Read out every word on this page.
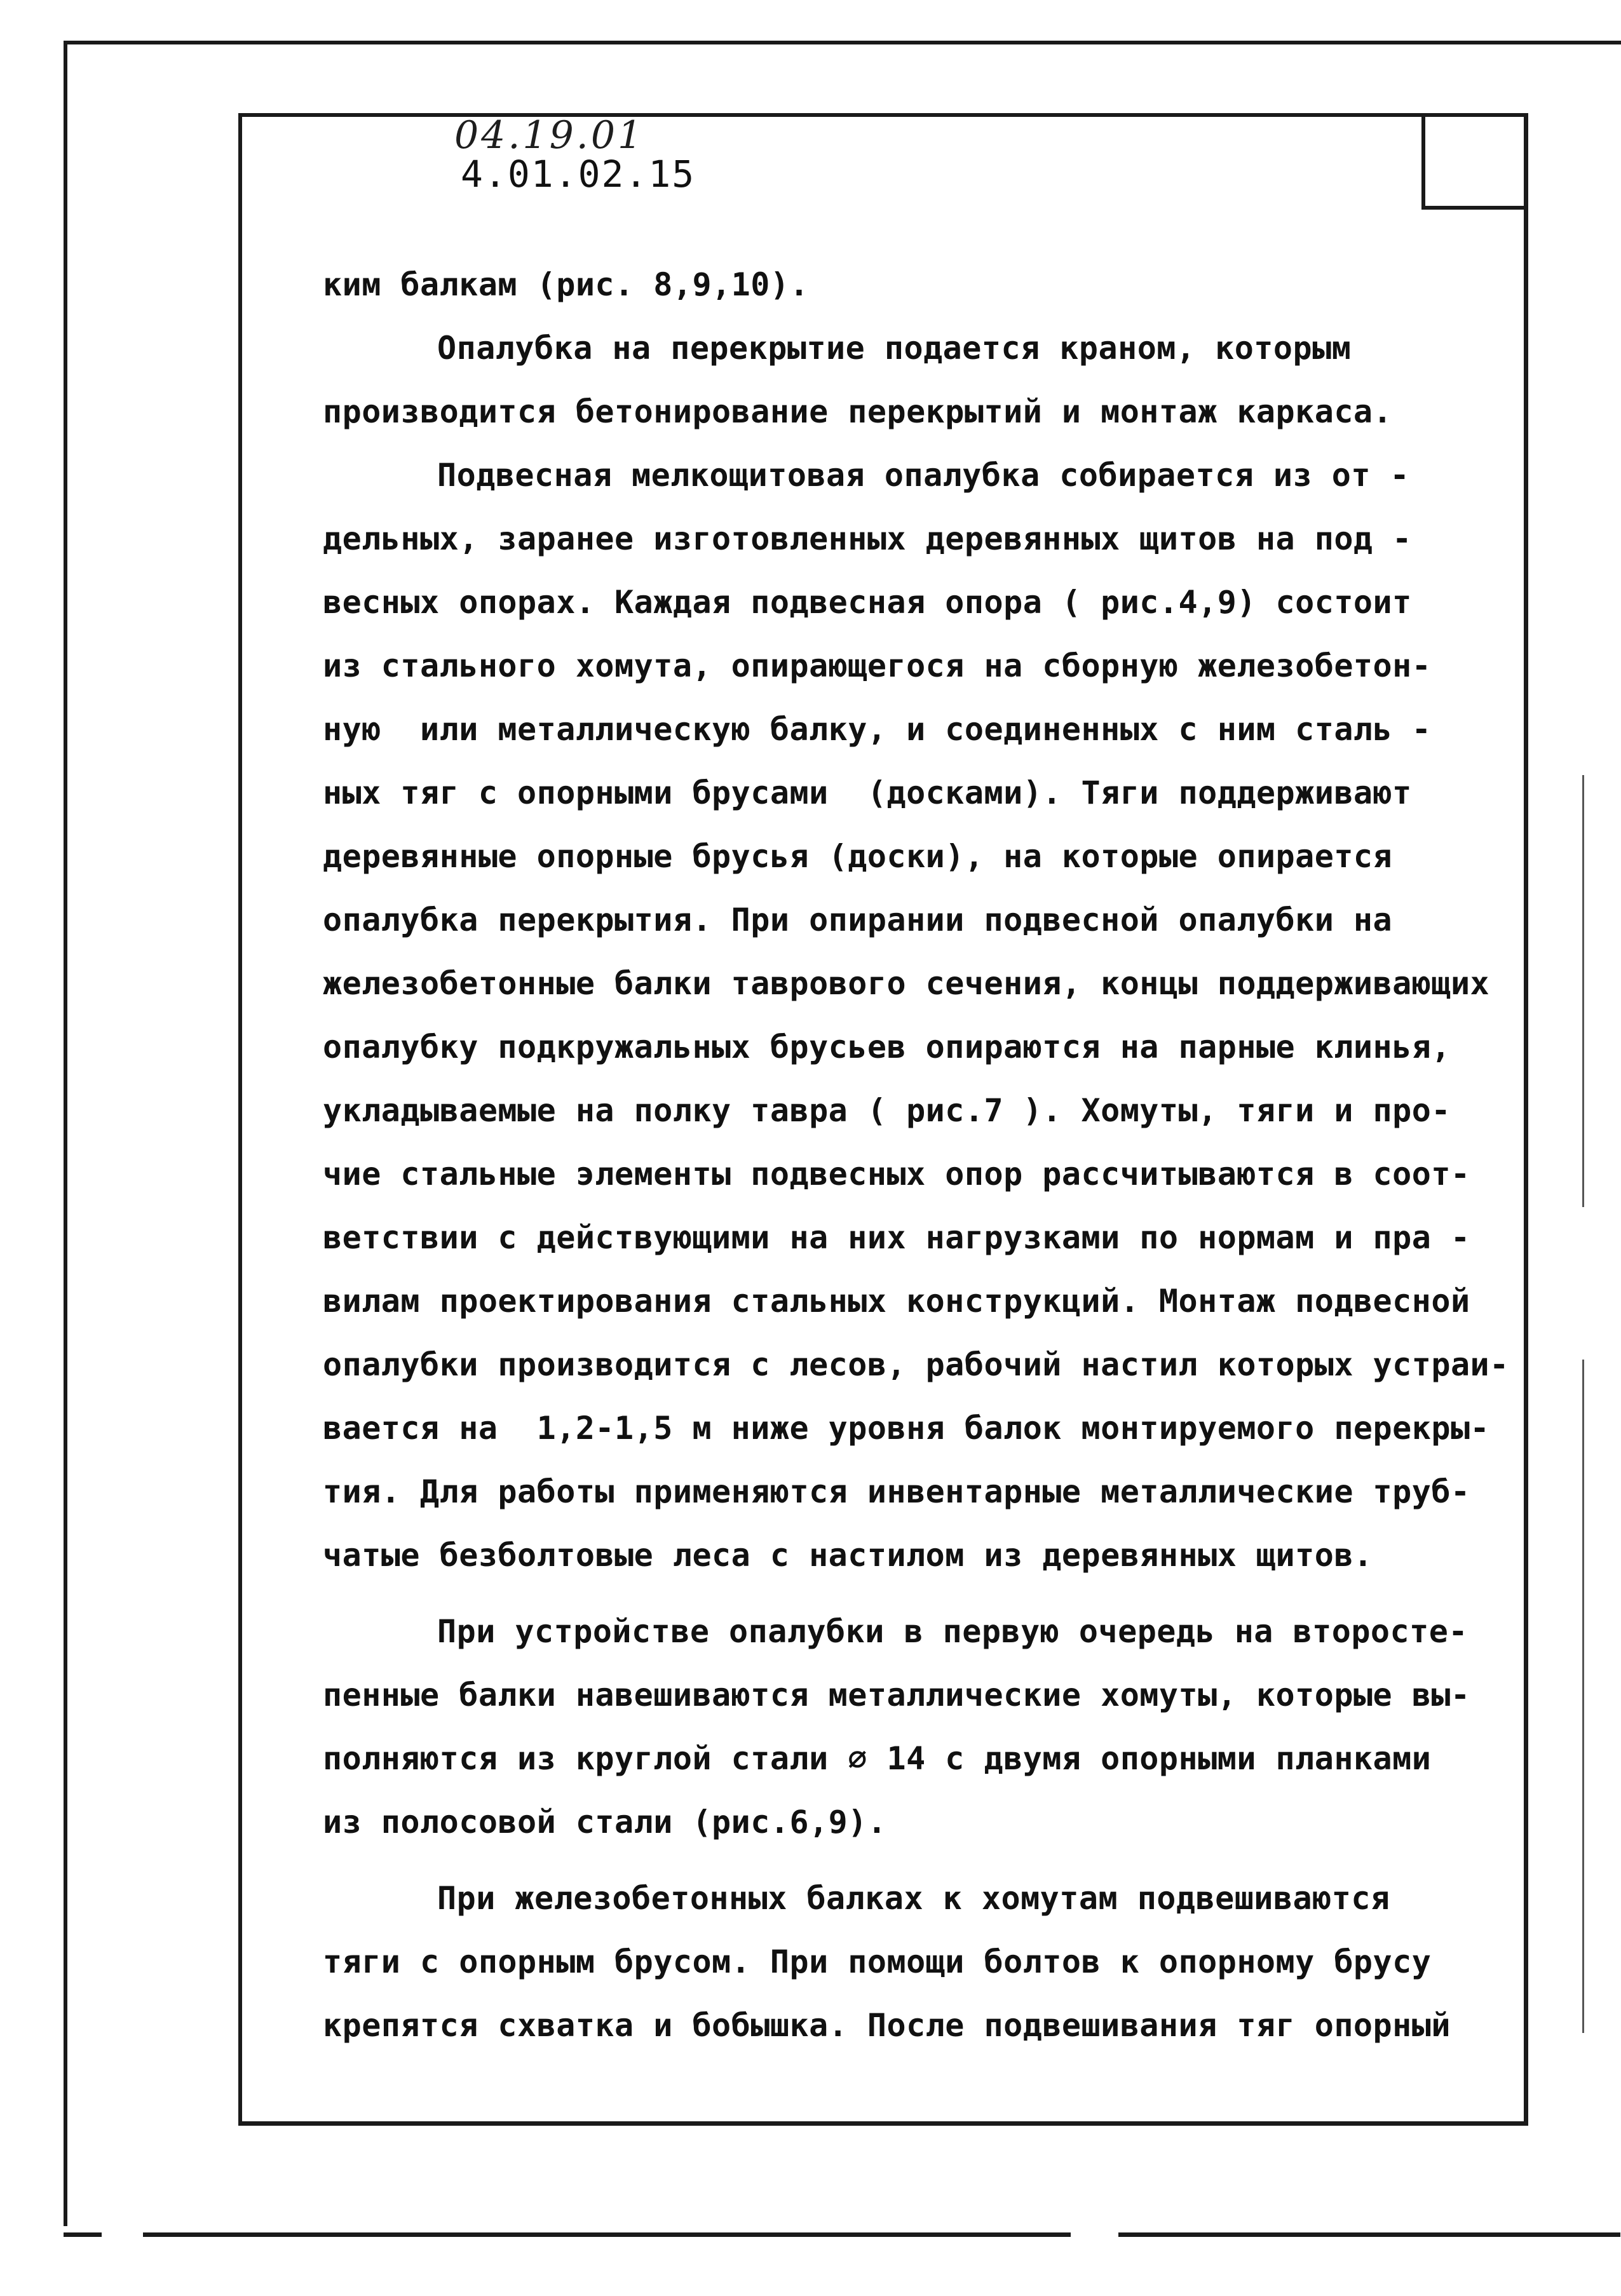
04.19.01
4.01.02.15
ким балкам (рис. 8,9,10).
Опалубка на перекрытие подается краном, которым
производится бетонирование перекрытий и монтаж каркаса.
Подвесная мелкощитовая опалубка собирается из от -
дельных, заранее изготовленных деревянных щитов на под -
весных опорах. Каждая подвесная опора ( рис.4,9) состоит
из стального хомута, опирающегося на сборную железобетон-
ную  или металлическую балку, и соединенных с ним сталь -
ных тяг с опорными брусами  (досками). Тяги поддерживают
деревянные опорные брусья (доски), на которые опирается
опалубка перекрытия. При опирании подвесной опалубки на
железобетонные балки таврового сечения, концы поддерживающих
опалубку подкружальных брусьев опираются на парные клинья,
укладываемые на полку тавра ( рис.7 ). Хомуты, тяги и про-
чие стальные элементы подвесных опор рассчитываются в соот-
ветствии с действующими на них нагрузками по нормам и пра -
вилам проектирования стальных конструкций. Монтаж подвесной
опалубки производится с лесов, рабочий настил которых устраи-
вается на  1,2-1,5 м ниже уровня балок монтируемого перекры-
тия. Для работы применяются инвентарные металлические труб-
чатые безболтовые леса с настилом из деревянных щитов.
При устройстве опалубки в первую очередь на второсте-
пенные балки навешиваются металлические хомуты, которые вы-
полняются из круглой стали ∅ 14 с двумя опорными планками
из полосовой стали (рис.6,9).
При железобетонных балках к хомутам подвешиваются
тяги с опорным брусом. При помощи болтов к опорному брусу
крепятся схватка и бобышка. После подвешивания тяг опорный
